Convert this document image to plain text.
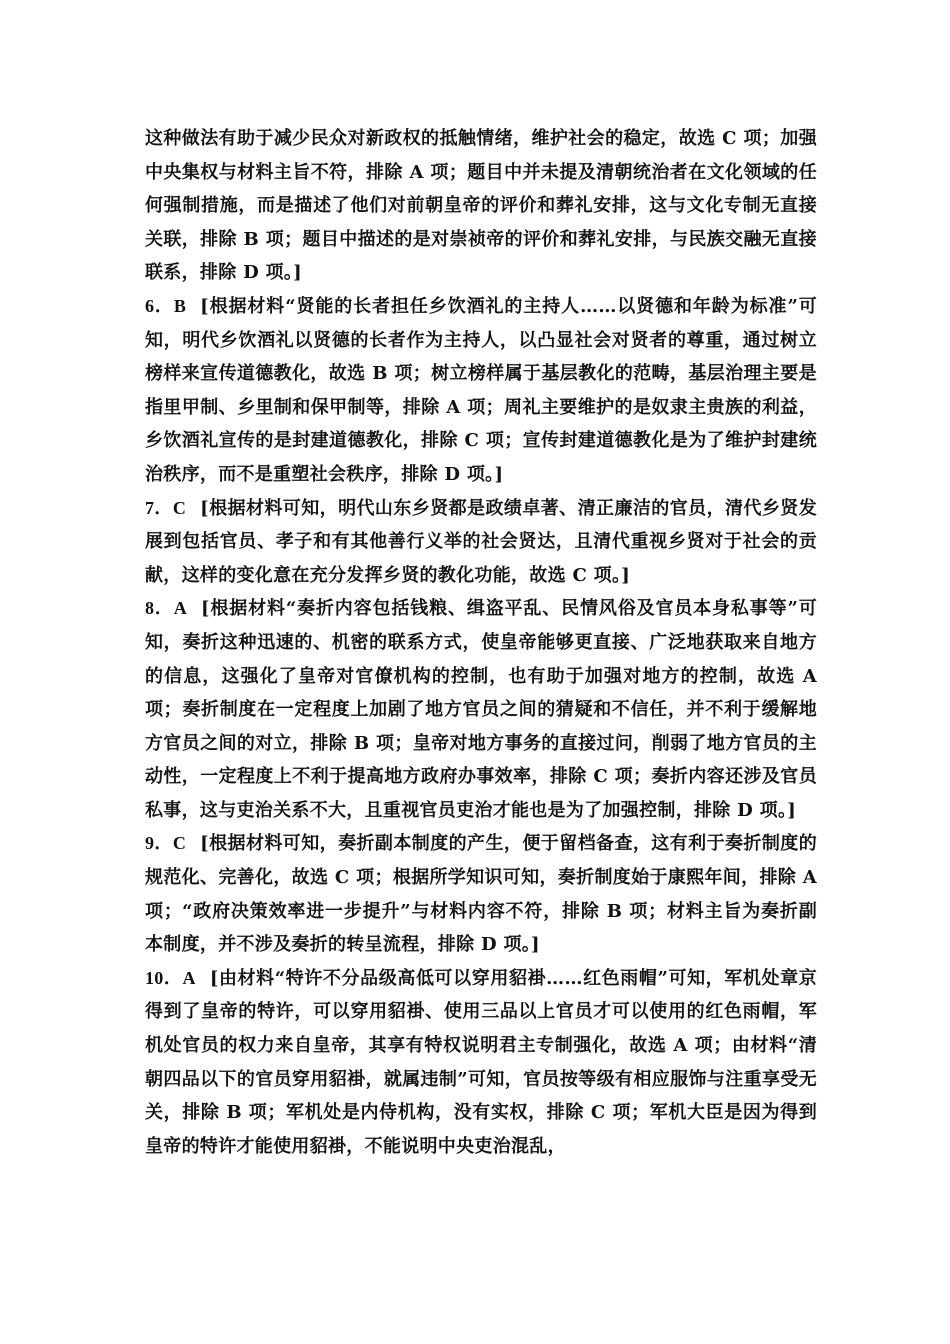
这种做法有助于减少民众对新政权的抵触情绪，维护社会的稳定，故选 C 项；加强中央集权与材料主旨不符，排除 A 项；题目中并未提及清朝统治者在文化领域的任何强制措施，而是描述了他们对前朝皇帝的评价和葬礼安排，这与文化专制无直接关联，排除 B 项；题目中描述的是对崇祯帝的评价和葬礼安排，与民族交融无直接联系，排除 D 项。]

6．B [根据材料“贤能的长者担任乡饮酒礼的主持人……以贤德和年龄为标准”可知，明代乡饮酒礼以贤德的长者作为主持人，以凸显社会对贤者的尊重，通过树立榜样来宣传道德教化，故选 B 项；树立榜样属于基层教化的范畴，基层治理主要是指里甲制、乡里制和保甲制等，排除 A 项；周礼主要维护的是奴隶主贵族的利益，乡饮酒礼宣传的是封建道德教化，排除 C 项；宣传封建道德教化是为了维护封建统治秩序，而不是重塑社会秩序，排除 D 项。]

7．C [根据材料可知，明代山东乡贤都是政绩卓著、清正廉洁的官员，清代乡贤发展到包括官员、孝子和有其他善行义举的社会贤达，且清代重视乡贤对于社会的贡献，这样的变化意在充分发挥乡贤的教化功能，故选 C 项。]

8．A [根据材料“奏折内容包括钱粮、缉盗平乱、民情风俗及官员本身私事等”可知，奏折这种迅速的、机密的联系方式，使皇帝能够更直接、广泛地获取来自地方的信息，这强化了皇帝对官僚机构的控制，也有助于加强对地方的控制，故选 A 项；奏折制度在一定程度上加剧了地方官员之间的猜疑和不信任，并不利于缓解地方官员之间的对立，排除 B 项；皇帝对地方事务的直接过问，削弱了地方官员的主动性，一定程度上不利于提高地方政府办事效率，排除 C 项；奏折内容还涉及官员私事，这与吏治关系不大，且重视官员吏治才能也是为了加强控制，排除 D 项。]

9．C [根据材料可知，奏折副本制度的产生，便于留档备查，这有利于奏折制度的规范化、完善化，故选 C 项；根据所学知识可知，奏折制度始于康熙年间，排除 A 项；“政府决策效率进一步提升”与材料内容不符，排除 B 项；材料主旨为奏折副本制度，并不涉及奏折的转呈流程，排除 D 项。]

10．A [由材料“特许不分品级高低可以穿用貂褂……红色雨帽”可知，军机处章京得到了皇帝的特许，可以穿用貂褂、使用三品以上官员才可以使用的红色雨帽，军机处官员的权力来自皇帝，其享有特权说明君主专制强化，故选 A 项；由材料“清朝四品以下的官员穿用貂褂，就属违制”可知，官员按等级有相应服饰与注重享受无关，排除 B 项；军机处是内侍机构，没有实权，排除 C 项；军机大臣是因为得到皇帝的特许才能使用貂褂，不能说明中央吏治混乱，
